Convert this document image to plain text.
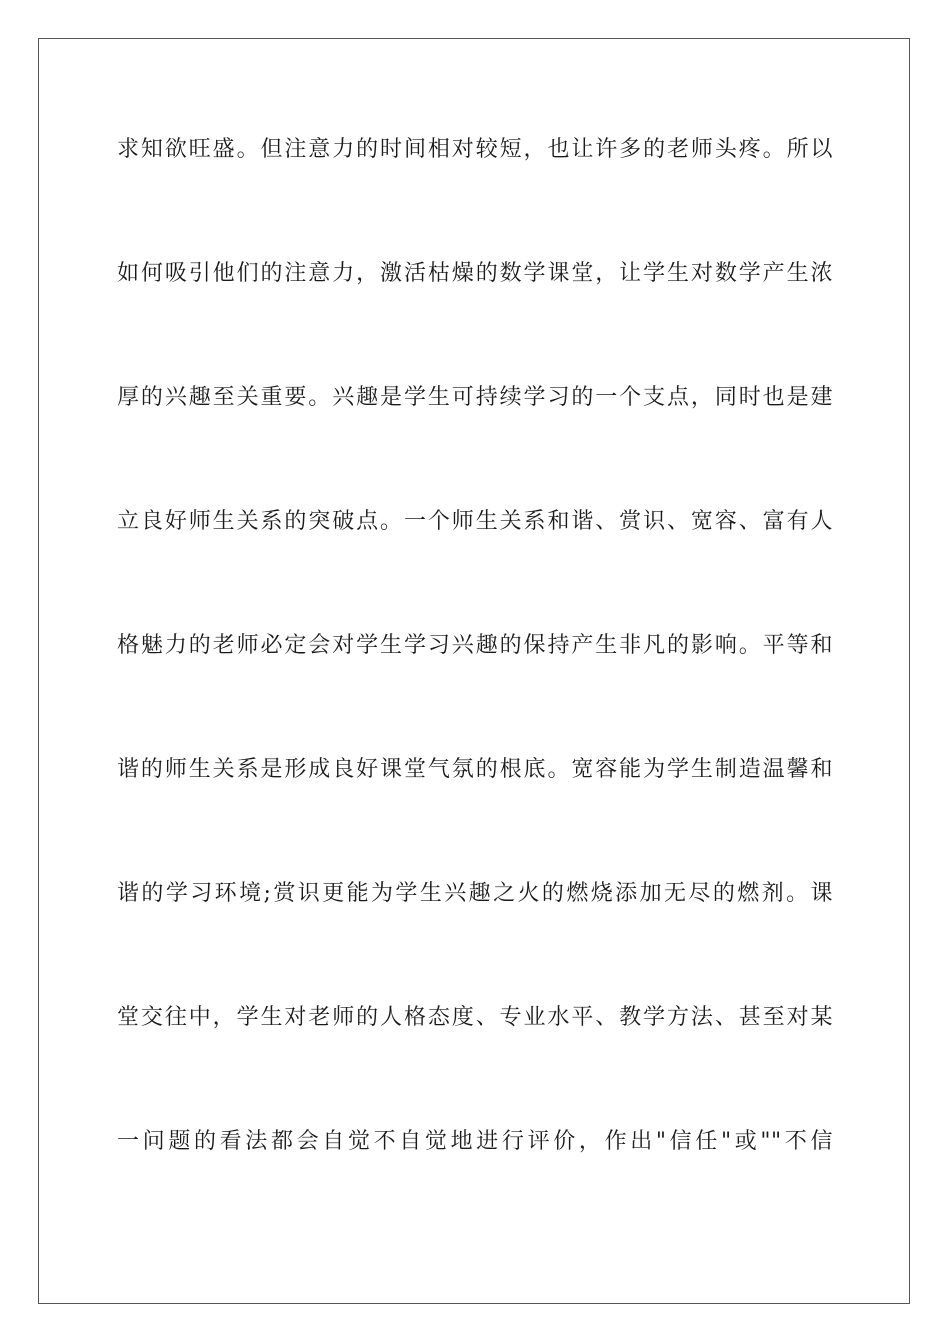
求知欲旺盛。但注意力的时间相对较短，也让许多的老师头疼。所以
如何吸引他们的注意力，激活枯燥的数学课堂，让学生对数学产生浓
厚的兴趣至关重要。兴趣是学生可持续学习的一个支点，同时也是建
立良好师生关系的突破点。一个师生关系和谐、赏识、宽容、富有人
格魅力的老师必定会对学生学习兴趣的保持产生非凡的影响。平等和
谐的师生关系是形成良好课堂气氛的根底。宽容能为学生制造温馨和
谐的学习环境;赏识更能为学生兴趣之火的燃烧添加无尽的燃剂。课
堂交往中，学生对老师的人格态度、专业水平、教学方法、甚至对某
一问题的看法都会自觉不自觉地进行评价，作出"信任"或""不信
